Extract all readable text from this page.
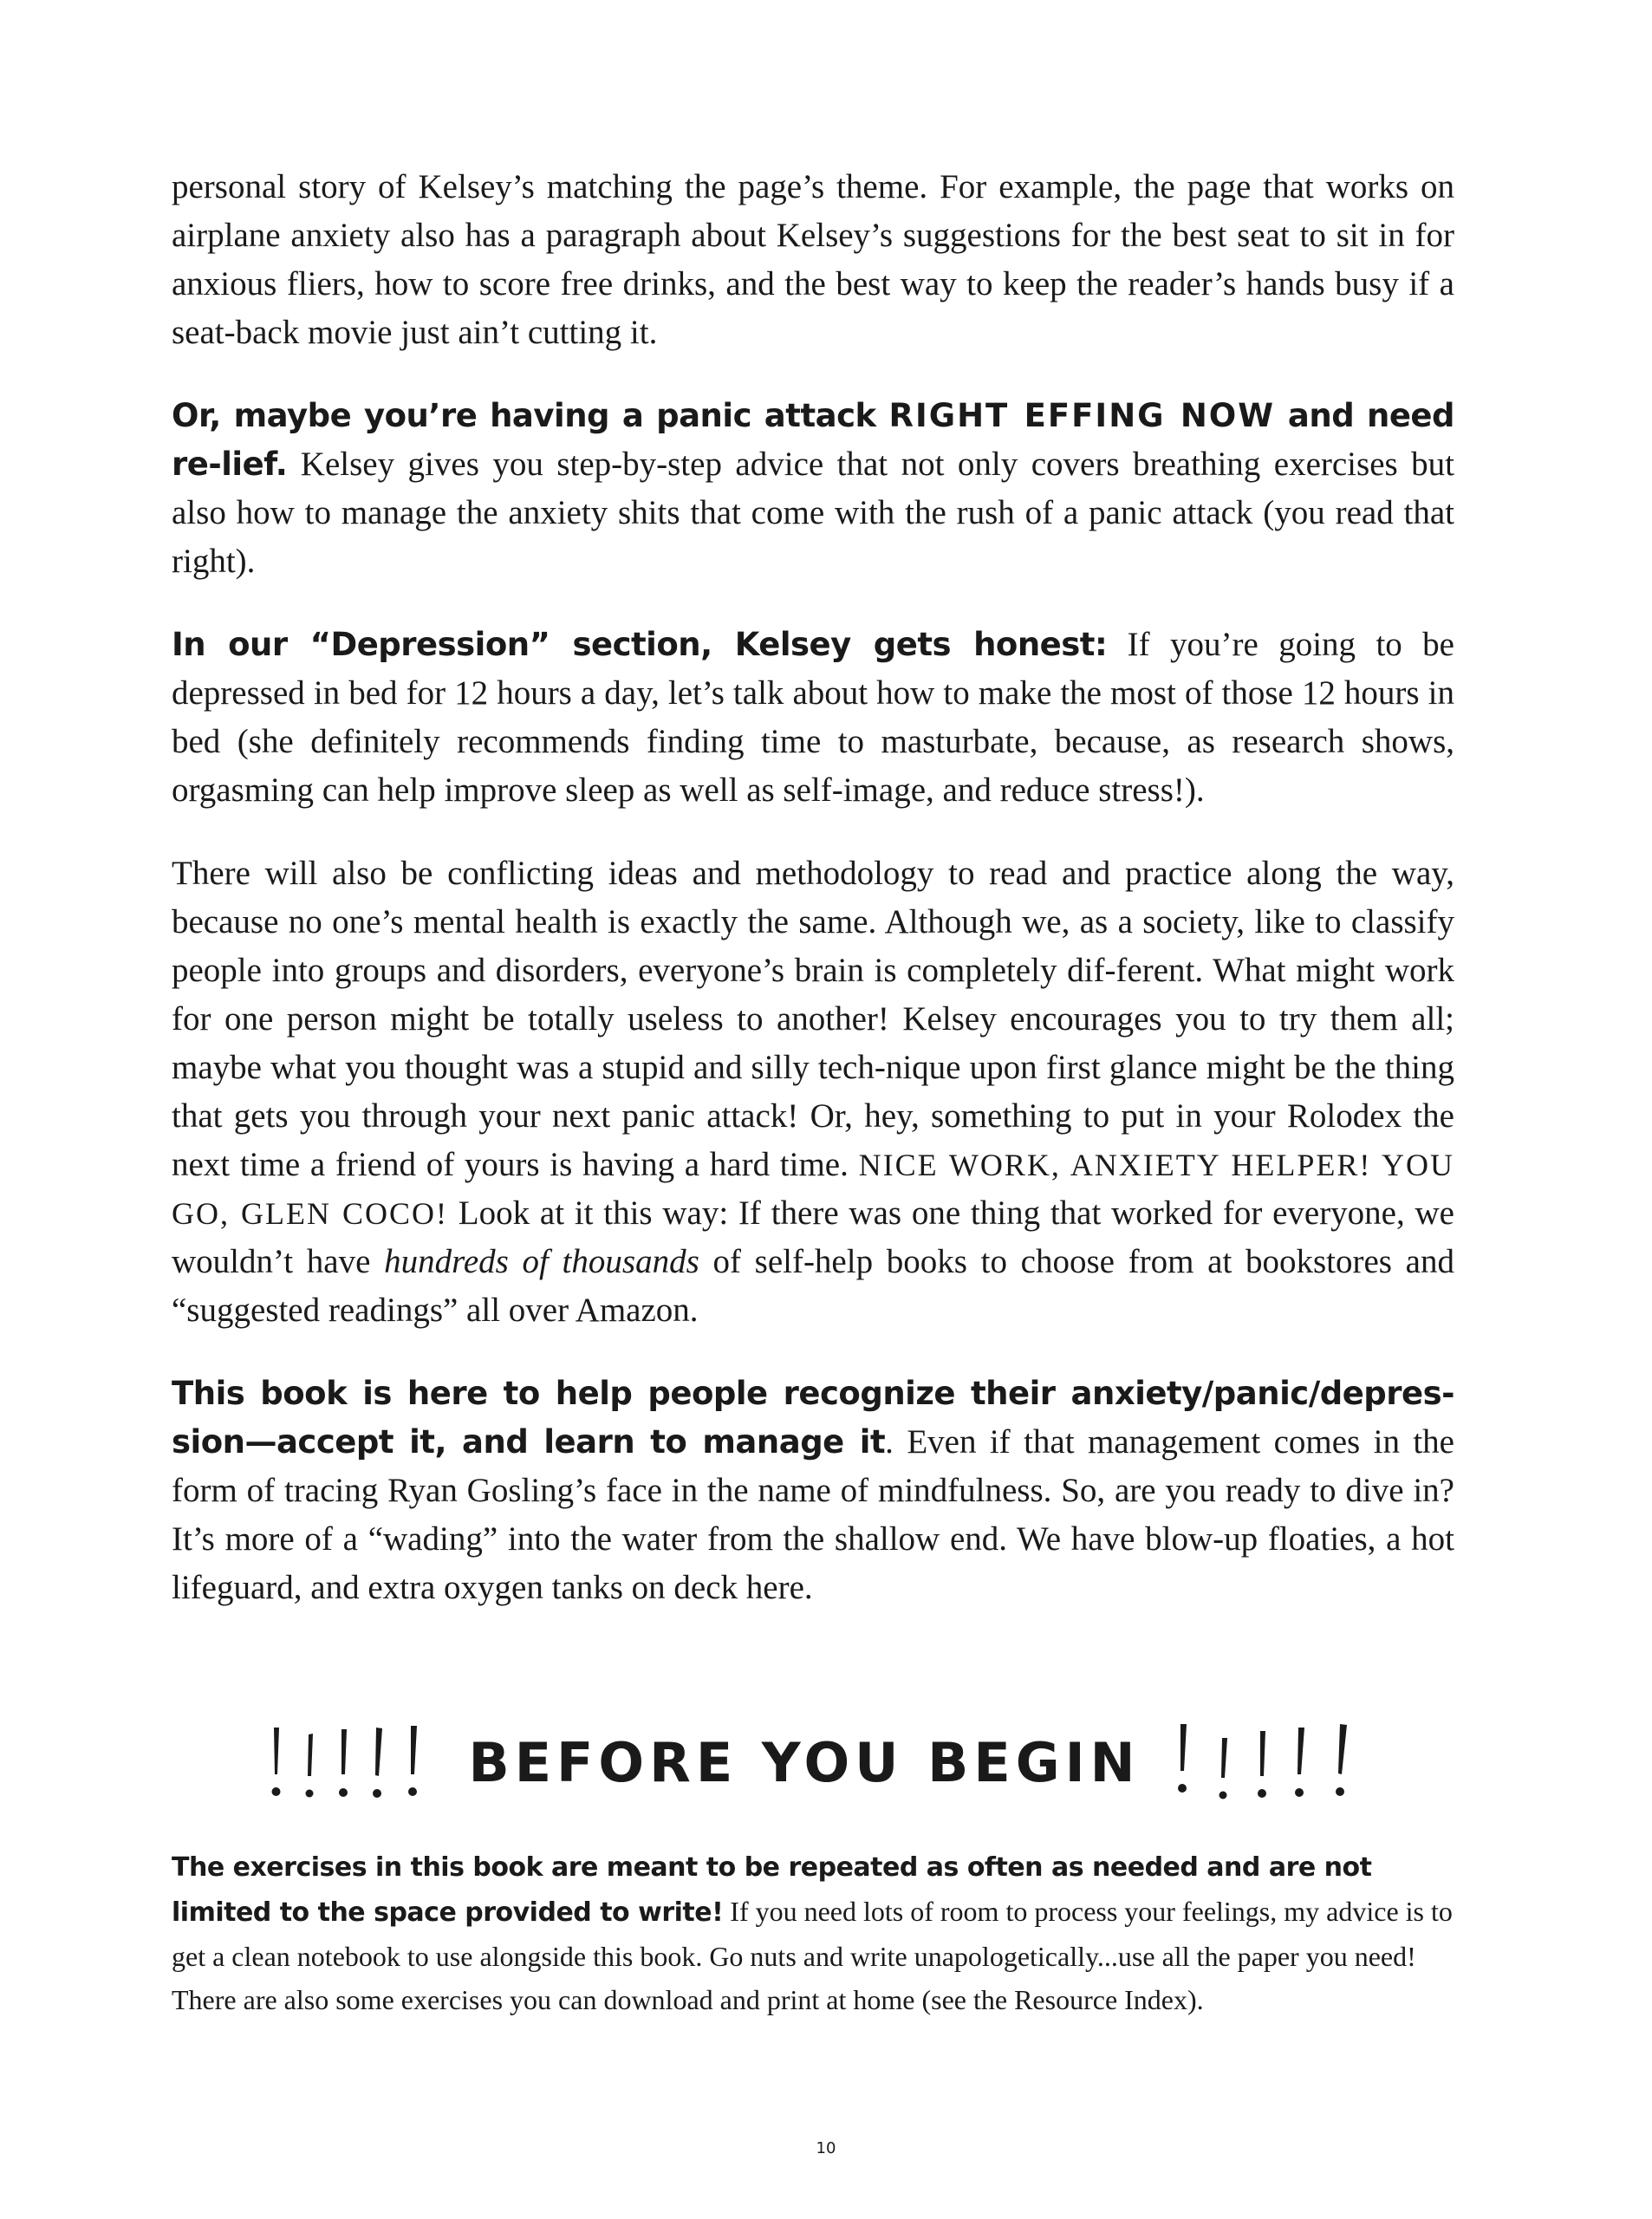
personal story of Kelsey’s matching the page’s theme. For example, the page that works on airplane anxiety also has a paragraph about Kelsey’s suggestions for the best seat to sit in for anxious fliers, how to score free drinks, and the best way to keep the reader’s hands busy if a seat-back movie just ain’t cutting it.

Or, maybe you’re having a panic attack RIGHT EFFING NOW and need re-lief. Kelsey gives you step-by-step advice that not only covers breathing exercises but also how to manage the anxiety shits that come with the rush of a panic attack (you read that right).

In our “Depression” section, Kelsey gets honest: If you’re going to be depressed in bed for 12 hours a day, let’s talk about how to make the most of those 12 hours in bed (she definitely recommends finding time to masturbate, because, as research shows, orgasming can help improve sleep as well as self-image, and reduce stress!).

There will also be conflicting ideas and methodology to read and practice along the way, because no one’s mental health is exactly the same. Although we, as a society, like to classify people into groups and disorders, everyone’s brain is completely dif-ferent. What might work for one person might be totally useless to another! Kelsey encourages you to try them all; maybe what you thought was a stupid and silly tech-nique upon first glance might be the thing that gets you through your next panic attack! Or, hey, something to put in your Rolodex the next time a friend of yours is having a hard time. NICE WORK, ANXIETY HELPER! YOU GO, GLEN COCO! Look at it this way: If there was one thing that worked for everyone, we wouldn’t have hundreds of thousands of self-help books to choose from at bookstores and “suggested readings” all over Amazon.

This book is here to help people recognize their anxiety/panic/depres-sion—accept it, and learn to manage it. Even if that management comes in the form of tracing Ryan Gosling’s face in the name of mindfulness. So, are you ready to dive in? It’s more of a “wading” into the water from the shallow end. We have blow-up floaties, a hot lifeguard, and extra oxygen tanks on deck here.

BEFORE YOU BEGIN

The exercises in this book are meant to be repeated as often as needed and are not limited to the space provided to write! If you need lots of room to process your feelings, my advice is to get a clean notebook to use alongside this book. Go nuts and write unapologetically...use all the paper you need! There are also some exercises you can download and print at home (see the Resource Index).

10
